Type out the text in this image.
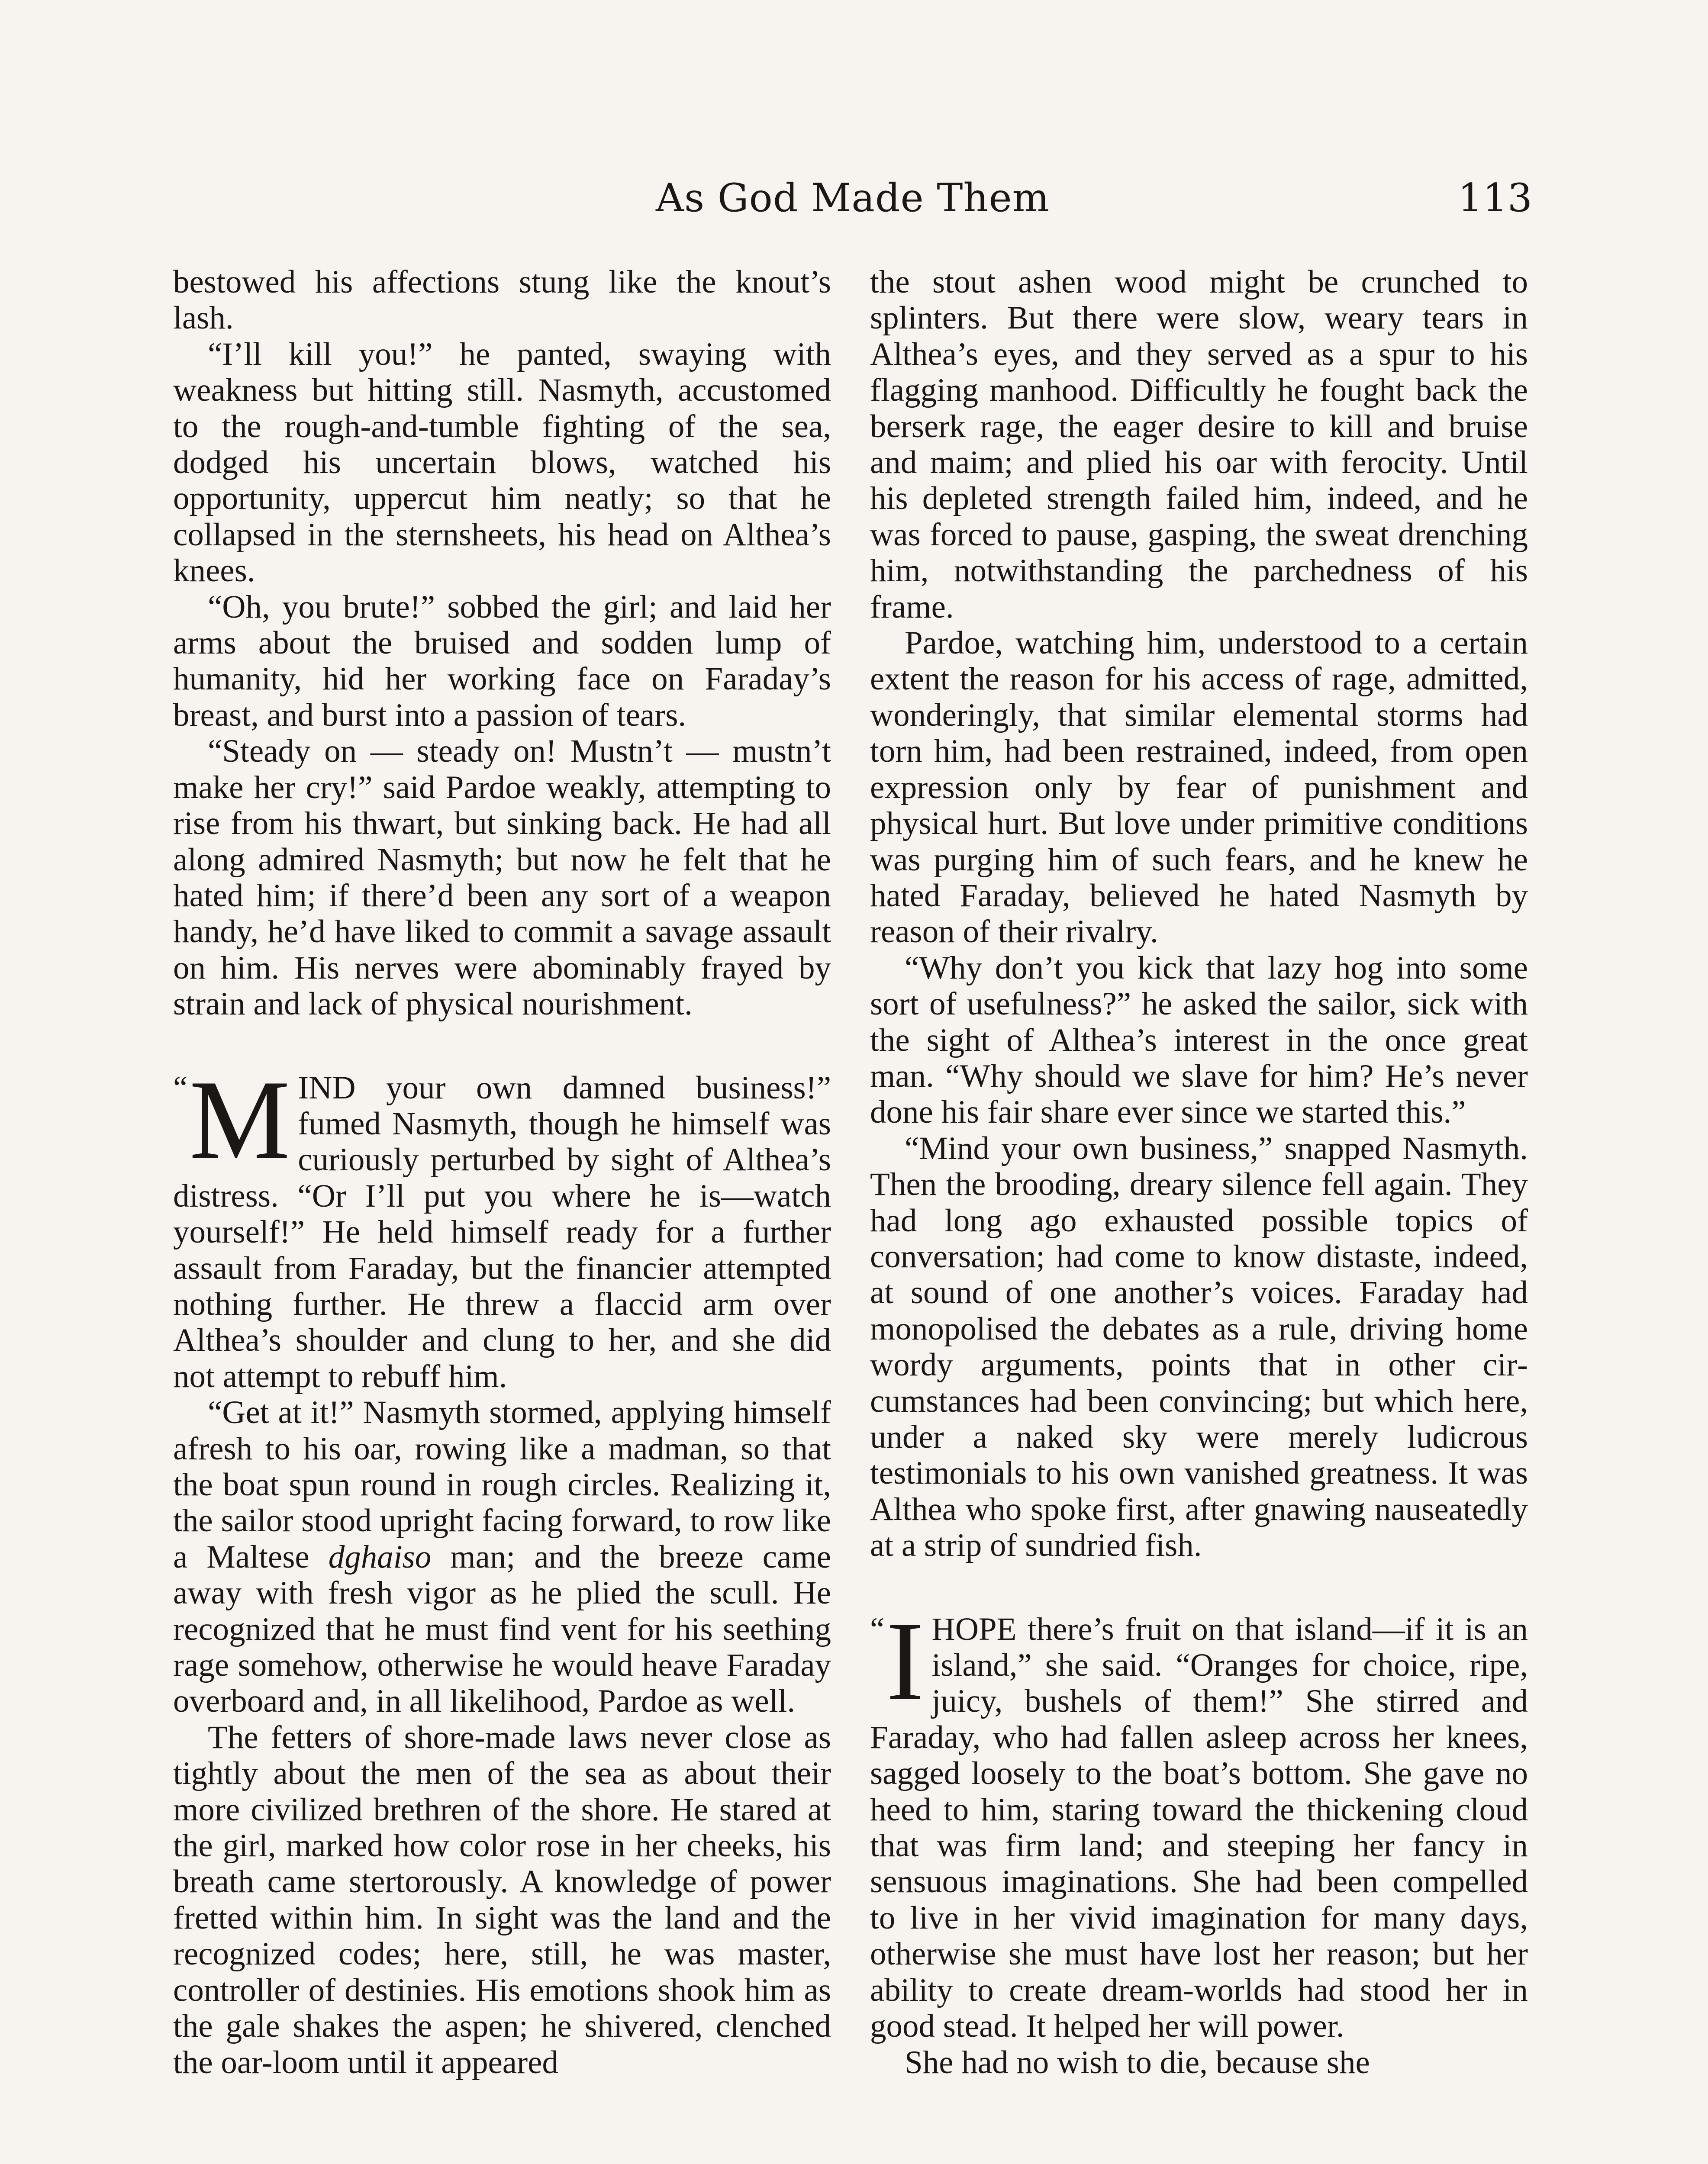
As God Made Them	113

bestowed his affections stung like the knout’s lash.

“I’ll kill you!” he panted, swaying with weakness but hitting still. Nasmyth, accustomed to the rough-and-tumble fighting of the sea, dodged his uncertain blows, watched his opportunity, uppercut him neatly; so that he collapsed in the sternsheets, his head on Althea’s knees.

“Oh, you brute!” sobbed the girl; and laid her arms about the bruised and sodden lump of humanity, hid her working face on Faraday’s breast, and burst into a passion of tears.

“Steady on — steady on! Mustn’t — mustn’t make her cry!” said Pardoe weakly, attempting to rise from his thwart, but sinking back. He had all along admired Nasmyth; but now he felt that he hated him; if there’d been any sort of a weapon handy, he’d have liked to commit a savage assault on him. His nerves were abominably frayed by strain and lack of physical nourishment.

“ M IND your own damned business!” fumed Nasmyth, though he himself was curiously perturbed by sight of Althea’s distress. “Or I’ll put you where he is—watch yourself!” He held himself ready for a further assault from Faraday, but the financier attempted nothing further. He threw a flaccid arm over Althea’s shoulder and clung to her, and she did not attempt to rebuff him.

“Get at it!” Nasmyth stormed, applying himself afresh to his oar, rowing like a madman, so that the boat spun round in rough circles. Realizing it, the sailor stood upright facing forward, to row like a Maltese dghaiso man; and the breeze came away with fresh vigor as he plied the scull. He recognized that he must find vent for his seething rage somehow, otherwise he would heave Faraday overboard and, in all likelihood, Pardoe as well.

The fetters of shore-made laws never close as tightly about the men of the sea as about their more civilized brethren of the shore. He stared at the girl, marked how color rose in her cheeks, his breath came stertorously. A knowledge of power fretted within him. In sight was the land and the recognized codes; here, still, he was master, controller of destinies. His emotions shook him as the gale shakes the aspen; he shivered, clenched the oar-loom until it appeared

the stout ashen wood might be crunched to splinters. But there were slow, weary tears in Althea’s eyes, and they served as a spur to his flagging manhood. Difficultly he fought back the berserk rage, the eager desire to kill and bruise and maim; and plied his oar with ferocity. Until his depleted strength failed him, indeed, and he was forced to pause, gasping, the sweat drenching him, notwithstanding the parchedness of his frame.

Pardoe, watching him, understood to a certain extent the reason for his access of rage, admitted, wonderingly, that similar elemental storms had torn him, had been restrained, indeed, from open expression only by fear of punishment and physical hurt. But love under primitive conditions was purging him of such fears, and he knew he hated Faraday, believed he hated Nasmyth by reason of their rivalry.

“Why don’t you kick that lazy hog into some sort of usefulness?” he asked the sailor, sick with the sight of Althea’s interest in the once great man. “Why should we slave for him? He’s never done his fair share ever since we started this.”

“Mind your own business,” snapped Nasmyth. Then the brooding, dreary silence fell again. They had long ago exhausted possible topics of conversation; had come to know distaste, indeed, at sound of one another’s voices. Faraday had monopolised the debates as a rule, driving home wordy arguments, points that in other circumstances had been convincing; but which here, under a naked sky were merely ludicrous testimonials to his own vanished greatness. It was Althea who spoke first, after gnawing nauseatedly at a strip of sundried fish.

“ I HOPE there’s fruit on that island—if it is an island,” she said. “Oranges for choice, ripe, juicy, bushels of them!” She stirred and Faraday, who had fallen asleep across her knees, sagged loosely to the boat’s bottom. She gave no heed to him, staring toward the thickening cloud that was firm land; and steeping her fancy in sensuous imaginations. She had been compelled to live in her vivid imagination for many days, otherwise she must have lost her reason; but her ability to create dream-worlds had stood her in good stead. It helped her will power.

She had no wish to die, because she
